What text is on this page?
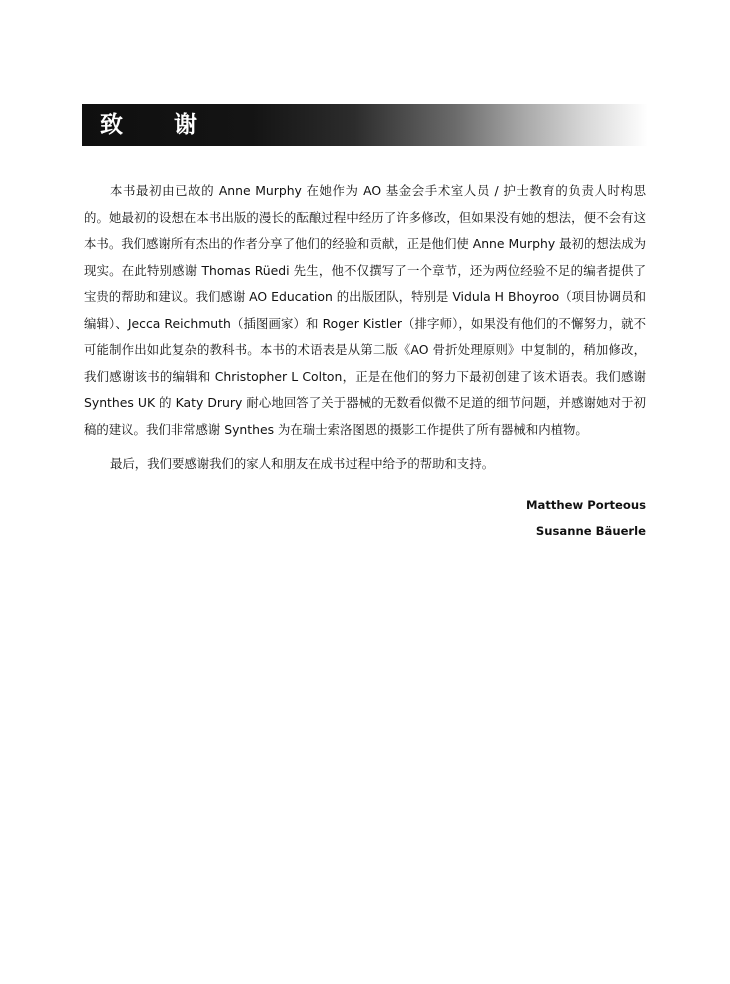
致　谢

本书最初由已故的 Anne Murphy 在她作为 AO 基金会手术室人员 / 护士教育的负责人时构思的。她最初的设想在本书出版的漫长的酝酿过程中经历了许多修改，但如果没有她的想法，便不会有这本书。我们感谢所有杰出的作者分享了他们的经验和贡献，正是他们使 Anne Murphy 最初的想法成为现实。在此特别感谢 Thomas Rüedi 先生，他不仅撰写了一个章节，还为两位经验不足的编者提供了宝贵的帮助和建议。我们感谢 AO Education 的出版团队，特别是 Vidula H Bhoyroo（项目协调员和编辑）、Jecca Reichmuth（插图画家）和 Roger Kistler（排字师），如果没有他们的不懈努力，就不可能制作出如此复杂的教科书。本书的术语表是从第二版《AO 骨折处理原则》中复制的，稍加修改，我们感谢该书的编辑和 Christopher L Colton，正是在他们的努力下最初创建了该术语表。我们感谢 Synthes UK 的 Katy Drury 耐心地回答了关于器械的无数看似微不足道的细节问题，并感谢她对于初稿的建议。我们非常感谢 Synthes 为在瑞士索洛图恩的摄影工作提供了所有器械和内植物。

最后，我们要感谢我们的家人和朋友在成书过程中给予的帮助和支持。

Matthew Porteous
Susanne Bäuerle
